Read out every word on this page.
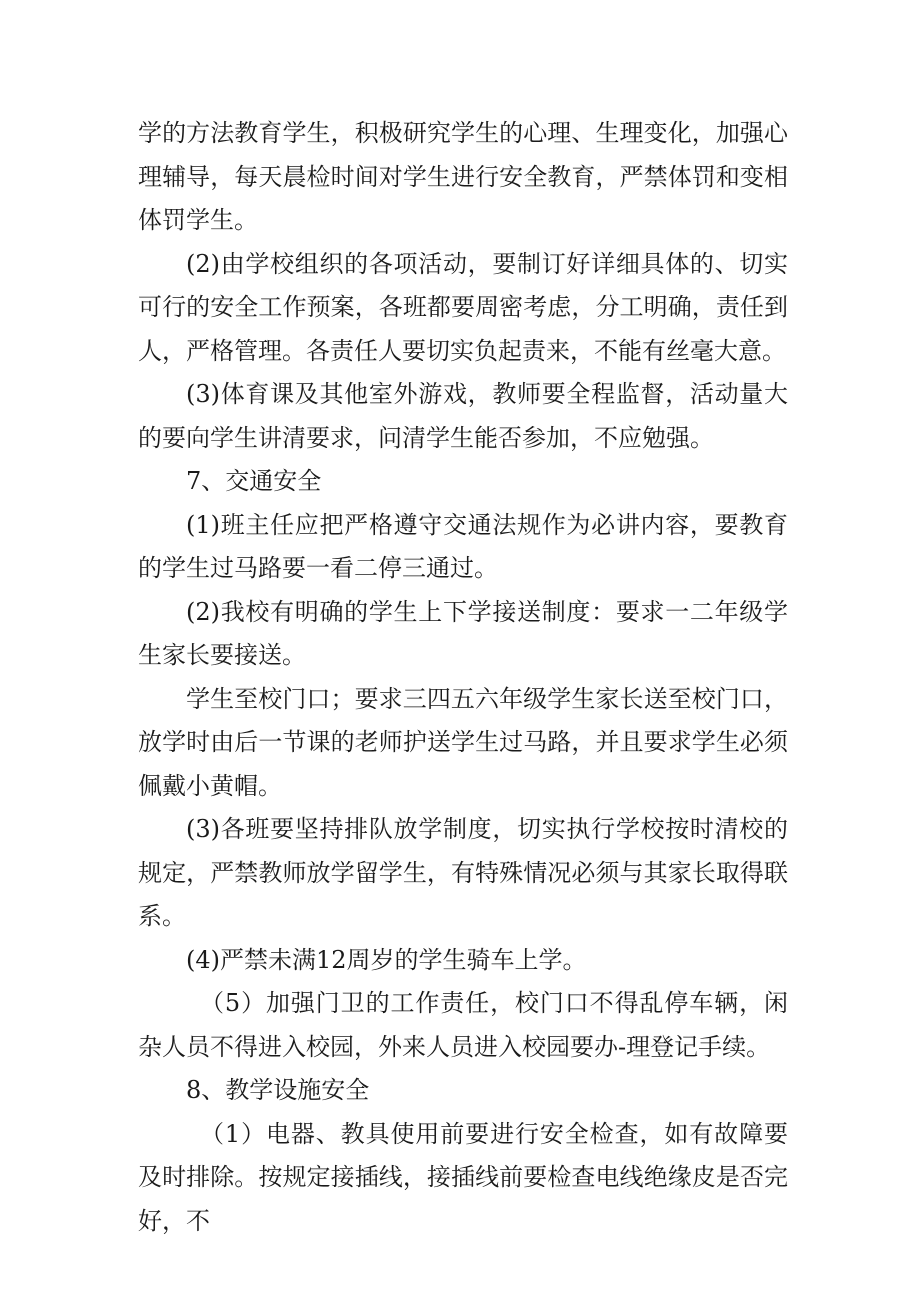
学的方法教育学生，积极研究学生的心理、生理变化，加强心理辅导，每天晨检时间对学生进行安全教育，严禁体罚和变相体罚学生。

(2)由学校组织的各项活动，要制订好详细具体的、切实可行的安全工作预案，各班都要周密考虑，分工明确，责任到人，严格管理。各责任人要切实负起责来，不能有丝毫大意。

(3)体育课及其他室外游戏，教师要全程监督，活动量大的要向学生讲清要求，问清学生能否参加，不应勉强。

7、交通安全

(1)班主任应把严格遵守交通法规作为必讲内容，要教育的学生过马路要一看二停三通过。

(2)我校有明确的学生上下学接送制度：要求一二年级学生家长要接送。

学生至校门口；要求三四五六年级学生家长送至校门口，放学时由后一节课的老师护送学生过马路，并且要求学生必须佩戴小黄帽。

(3)各班要坚持排队放学制度，切实执行学校按时清校的规定，严禁教师放学留学生，有特殊情况必须与其家长取得联系。

(4)严禁未满12周岁的学生骑车上学。

（5）加强门卫的工作责任，校门口不得乱停车辆，闲杂人员不得进入校园，外来人员进入校园要办-理登记手续。

8、教学设施安全

（1）电器、教具使用前要进行安全检查，如有故障要及时排除。按规定接插线，接插线前要检查电线绝缘皮是否完好，不
